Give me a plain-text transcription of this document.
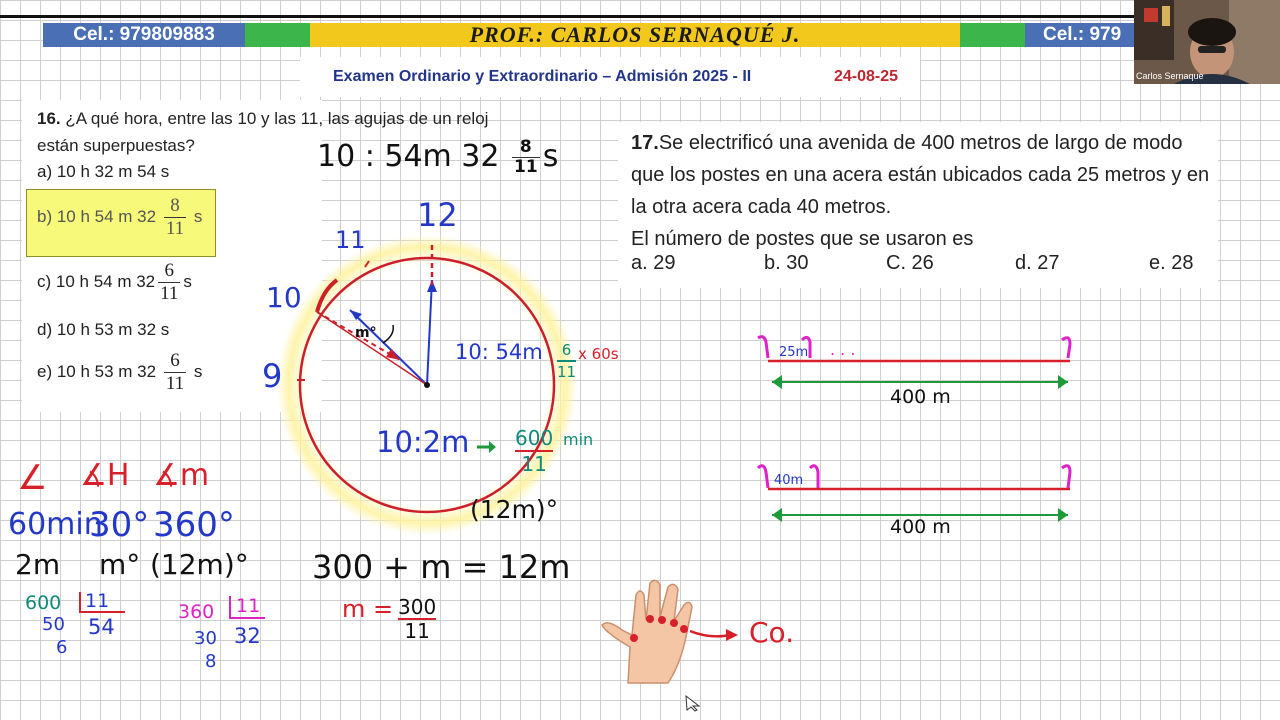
Cel.: 979809883	PROF.: CARLOS SERNAQUÉ J.	Cel.: 979
Examen Ordinario y Extraordinario – Admisión 2025 - II	24-08-25	Carlos Sernaque
16. ¿A qué hora, entre las 10 y las 11, las agujas de un reloj están superpuestas?
a) 10 h 32 m 54 s
b) 10 h 54 m $32 \frac{8}{11}$ s
c) 10 h 54 m $32 \frac{6}{11}$ s
d) 10 h 53 m 32 s
e) 10 h 53 m $32 \frac{6}{11}$ s
10 : 54m $32 \frac{8}{11}$ s
12
11
10
9
m°
10: 54m	6
11
x 60s
10:2m 600
11
min
(12m)°
∠ ∡H ∡m
60min
30° 360°
2m m° (12m)° 300 + m = 12m
m = 300
11
600 11
50 54
6
360 11
30 32
8
17.Se electrificó una avenida de 400 metros de largo de modo que los postes en una acera están ubicados cada 25 metros y en la otra acera cada 40 metros.
El número de postes que se usaron es
a. 29	b. 30	C. 26	d. 27	e. 28
25m . . .
400 m
40m
400 m
Co.
